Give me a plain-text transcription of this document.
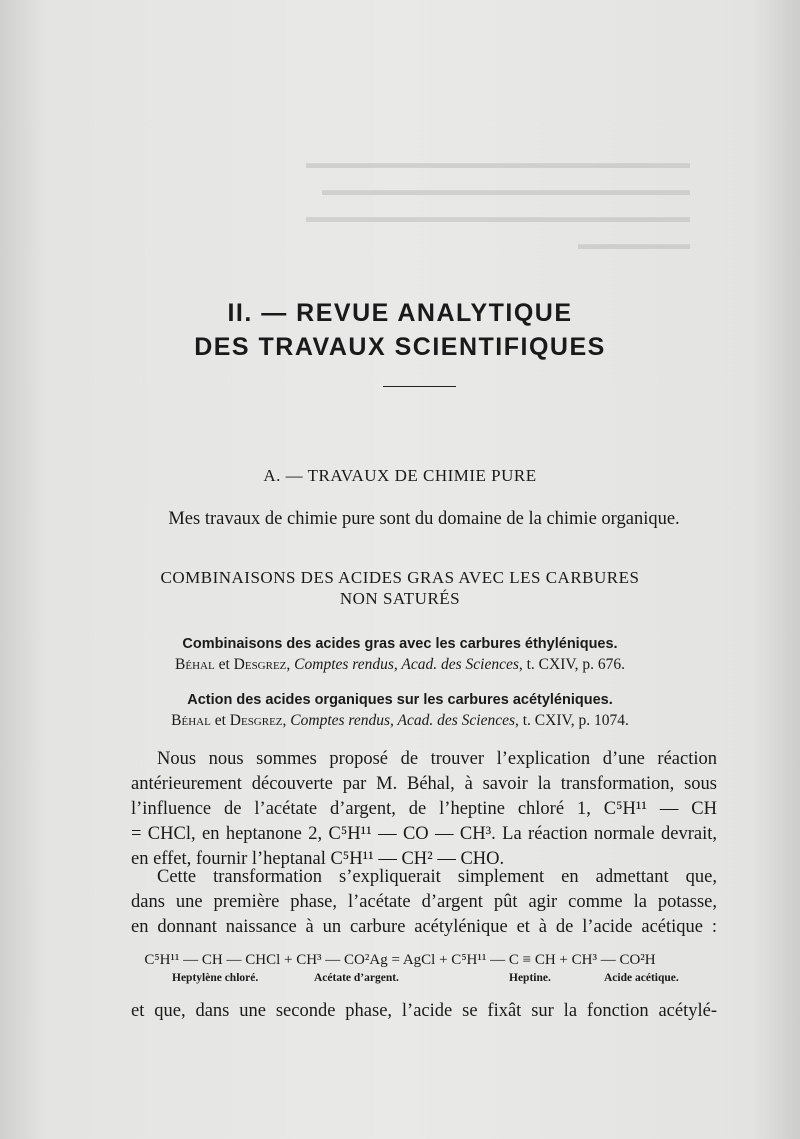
▬▬▬▬▬▬▬▬▬▬▬▬▬▬▬▬▬▬▬▬▬▬▬▬
▬▬▬▬▬▬▬▬▬▬▬▬▬▬▬▬▬▬▬▬▬▬▬
▬▬▬▬▬▬▬▬▬▬▬▬▬▬▬▬▬▬▬▬▬▬▬▬
▬▬▬▬▬▬▬
II. — REVUE ANALYTIQUE
DES TRAVAUX SCIENTIFIQUES
A. — TRAVAUX DE CHIMIE PURE
Mes travaux de chimie pure sont du domaine de la chimie organique.
COMBINAISONS DES ACIDES GRAS AVEC LES CARBURES
NON SATURÉS
Combinaisons des acides gras avec les carbures éthyléniques.
Béhal et Desgrez, Comptes rendus, Acad. des Sciences, t. CXIV, p. 676.
Action des acides organiques sur les carbures acétyléniques.
Béhal et Desgrez, Comptes rendus, Acad. des Sciences, t. CXIV, p. 1074.
Nous nous sommes proposé de trouver l’explication d’une réaction
antérieurement découverte par M. Béhal, à savoir la transformation, sous
l’influence de l’acétate d’argent, de l’heptine chloré 1, C⁵H¹¹ — CH
= CHCl, en heptanone 2, C⁵H¹¹ — CO — CH³. La réaction normale devrait,
en effet, fournir l’heptanal C⁵H¹¹ — CH² — CHO.
Cette transformation s’expliquerait simplement en admettant que,
dans une première phase, l’acétate d’argent pût agir comme la potasse,
en donnant naissance à un carbure acétylénique et à de l’acide acétique :
C⁵H¹¹ — CH — CHCl + CH³ — CO²Ag = AgCl + C⁵H¹¹ — C ≡ CH + CH³ — CO²H
Heptylène chloré.	Acétate d’argent.	Heptine.	Acide acétique.
et que, dans une seconde phase, l’acide se fixât sur la fonction acétylé-
